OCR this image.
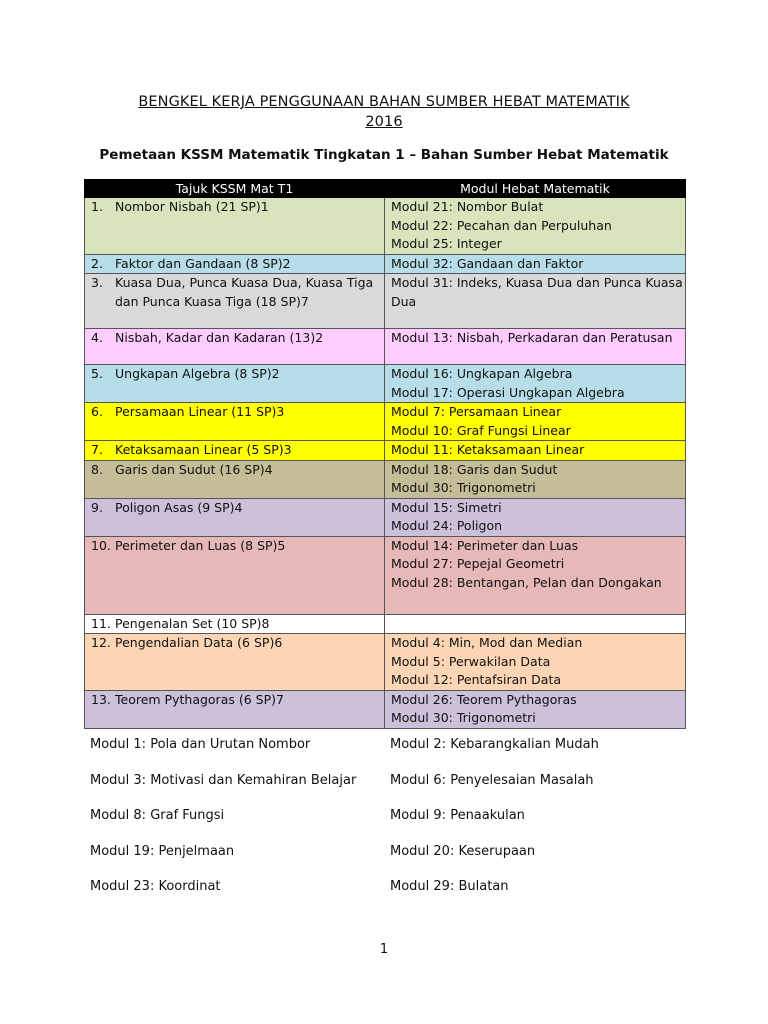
BENGKEL KERJA PENGGUNAAN BAHAN SUMBER HEBAT MATEMATIK
2016
Pemetaan KSSM Matematik Tingkatan 1 – Bahan Sumber Hebat Matematik
Tajuk KSSM Mat T1	Modul Hebat Matematik

1. Nombor Nisbah (21 SP)1	Modul 21: Nombor Bulat
Modul 22: Pecahan dan Perpuluhan
Modul 25: Integer

2. Faktor dan Gandaan (8 SP)2	Modul 32: Gandaan dan Faktor

3. Kuasa Dua, Punca Kuasa Dua, Kuasa Tiga dan Punca Kuasa Tiga (18 SP)7	Modul 31: Indeks, Kuasa Dua dan Punca Kuasa Dua

4. Nisbah, Kadar dan Kadaran (13)2	Modul 13: Nisbah, Perkadaran dan Peratusan

5. Ungkapan Algebra (8 SP)2	Modul 16: Ungkapan Algebra
Modul 17: Operasi Ungkapan Algebra

6. Persamaan Linear (11 SP)3	Modul 7: Persamaan Linear
Modul 10: Graf Fungsi Linear

7. Ketaksamaan Linear (5 SP)3	Modul 11: Ketaksamaan Linear

8. Garis dan Sudut (16 SP)4	Modul 18: Garis dan Sudut
Modul 30: Trigonometri

9. Poligon Asas (9 SP)4	Modul 15: Simetri
Modul 24: Poligon

10. Perimeter dan Luas (8 SP)5	Modul 14: Perimeter dan Luas
Modul 27: Pepejal Geometri
Modul 28: Bentangan, Pelan dan Dongakan

11. Pengenalan Set (10 SP)8	

12. Pengendalian Data (6 SP)6	Modul 4: Min, Mod dan Median
Modul 5: Perwakilan Data
Modul 12: Pentafsiran Data

13. Teorem Pythagoras (6 SP)7	Modul 26: Teorem Pythagoras
Modul 30: Trigonometri
Modul 1: Pola dan Urutan Nombor	Modul 2: Kebarangkalian Mudah
Modul 3: Motivasi dan Kemahiran Belajar	Modul 6: Penyelesaian Masalah
Modul 8: Graf Fungsi	Modul 9: Penaakulan
Modul 19: Penjelmaan	Modul 20: Keserupaan
Modul 23: Koordinat	Modul 29: Bulatan
1
